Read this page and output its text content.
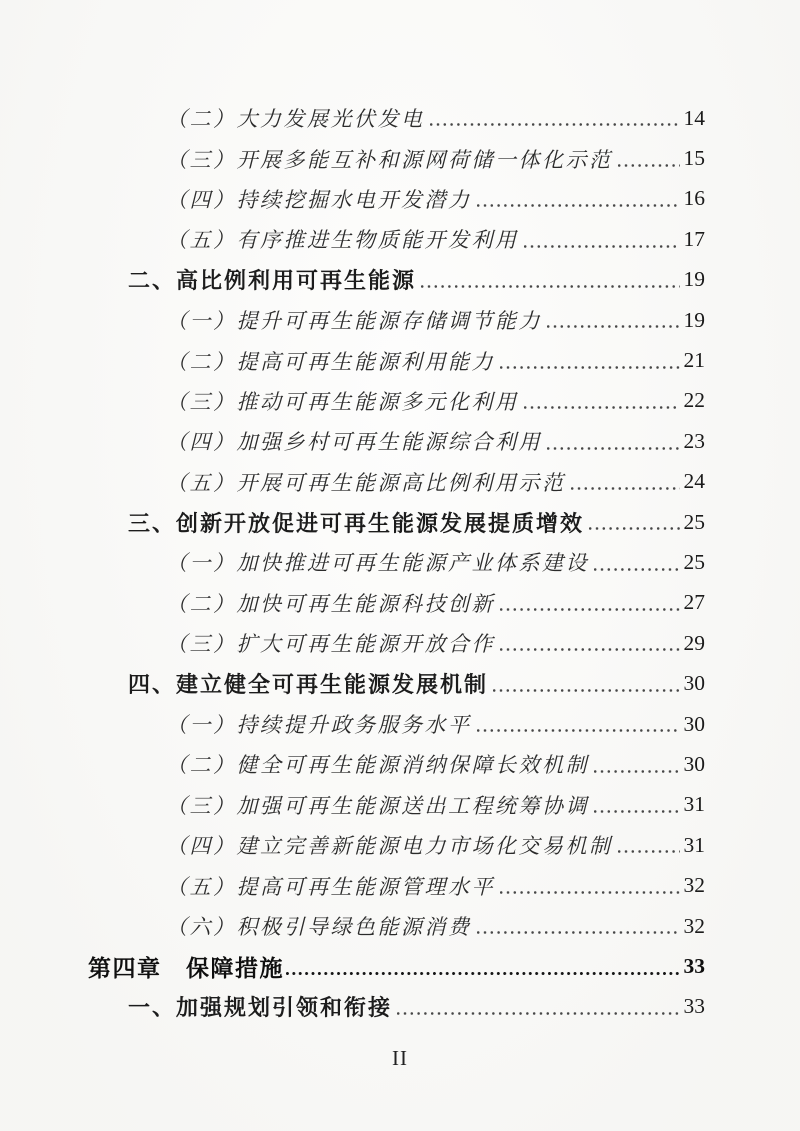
（二）大力发展光伏发电	14
（三）开展多能互补和源网荷储一体化示范	15
（四）持续挖掘水电开发潜力	16
（五）有序推进生物质能开发利用	17
二、高比例利用可再生能源	19
（一）提升可再生能源存储调节能力	19
（二）提高可再生能源利用能力	21
（三）推动可再生能源多元化利用	22
（四）加强乡村可再生能源综合利用	23
（五）开展可再生能源高比例利用示范	24
三、创新开放促进可再生能源发展提质增效	25
（一）加快推进可再生能源产业体系建设	25
（二）加快可再生能源科技创新	27
（三）扩大可再生能源开放合作	29
四、建立健全可再生能源发展机制	30
（一）持续提升政务服务水平	30
（二）健全可再生能源消纳保障长效机制	30
（三）加强可再生能源送出工程统筹协调	31
（四）建立完善新能源电力市场化交易机制	31
（五）提高可再生能源管理水平	32
（六）积极引导绿色能源消费	32
第四章　保障措施	33
一、加强规划引领和衔接	33
II
